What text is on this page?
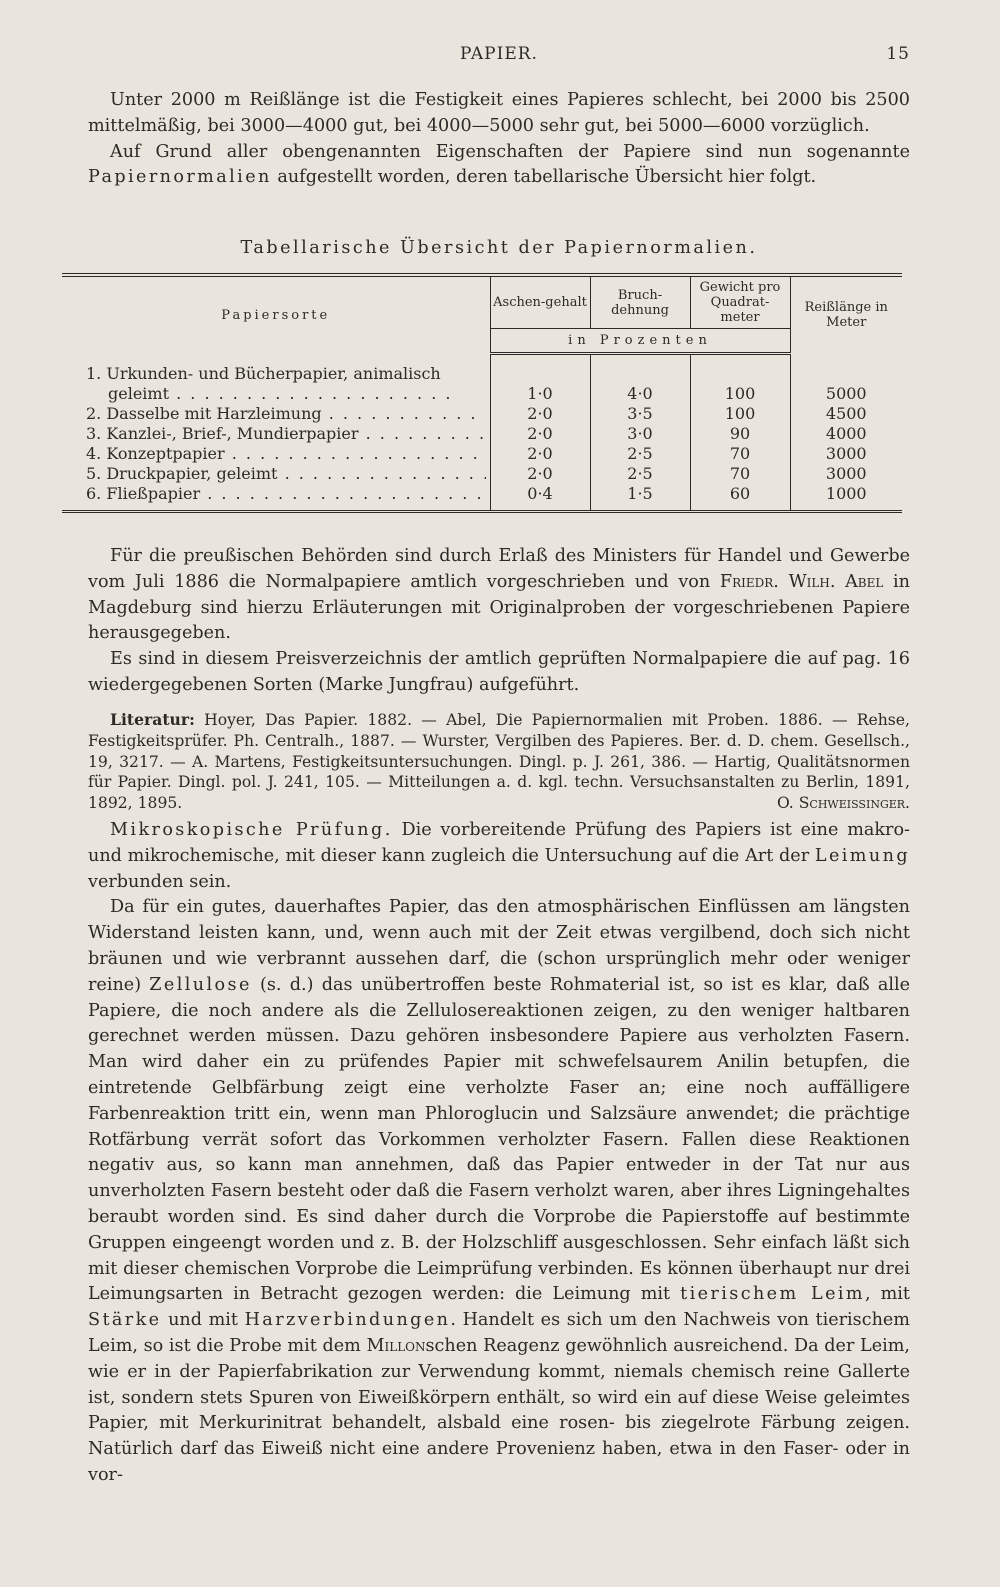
PAPIER.	15

Unter 2000 m Reißlänge ist die Festigkeit eines Papieres schlecht, bei 2000 bis 2500 mittelmäßig, bei 3000—4000 gut, bei 4000—5000 sehr gut, bei 5000—6000 vorzüglich.

Auf Grund aller obengenannten Eigenschaften der Papiere sind nun sogenannte Papiernormalien aufgestellt worden, deren tabellarische Übersicht hier folgt.

Tabellarische Übersicht der Papiernormalien.
Papiersorte	Aschen-gehalt	Bruch-dehnung	Gewicht pro Quadrat-meter	Reißlänge in Meter
	in Prozenten			
1. Urkunden- und Bücherpapier, animalisch				

geleimt . . .	1·0	4·0	100	5000

2. Dasselbe mit Harzleimung . . .	2·0	3·5	100	4500

3. Kanzlei-, Brief-, Mundierpapier . . .	2·0	3·0	90	4000

4. Konzeptpapier . . .	2·0	2·5	70	3000

5. Druckpapier, geleimt . . .	2·0	2·5	70	3000

6. Fließpapier . . .	0·4	1·5	60	1000

Für die preußischen Behörden sind durch Erlaß des Ministers für Handel und Gewerbe vom Juli 1886 die Normalpapiere amtlich vorgeschrieben und von Friedr. Wilh. Abel in Magdeburg sind hierzu Erläuterungen mit Originalproben der vorgeschriebenen Papiere herausgegeben.

Es sind in diesem Preisverzeichnis der amtlich geprüften Normalpapiere die auf pag. 16 wiedergegebenen Sorten (Marke Jungfrau) aufgeführt.

Literatur: Hoyer, Das Papier. 1882. — Abel, Die Papiernormalien mit Proben. 1886. — Rehse, Festigkeitsprüfer. Ph. Centralh., 1887. — Wurster, Vergilben des Papieres. Ber. d. D. chem. Gesellsch., 19, 3217. — A. Martens, Festigkeitsuntersuchungen. Dingl. p. J. 261, 386. — Hartig, Qualitätsnormen für Papier. Dingl. pol. J. 241, 105. — Mitteilungen a. d. kgl. techn. Versuchsanstalten zu Berlin, 1891, 1892, 1895.	O. Schweissinger.

Mikroskopische Prüfung. Die vorbereitende Prüfung des Papiers ist eine makro- und mikrochemische, mit dieser kann zugleich die Untersuchung auf die Art der Leimung verbunden sein.

Da für ein gutes, dauerhaftes Papier, das den atmosphärischen Einflüssen am längsten Widerstand leisten kann, und, wenn auch mit der Zeit etwas vergilbend, doch sich nicht bräunen und wie verbrannt aussehen darf, die (schon ursprünglich mehr oder weniger reine) Zellulose (s. d.) das unübertroffen beste Rohmaterial ist, so ist es klar, daß alle Papiere, die noch andere als die Zellulosereaktionen zeigen, zu den weniger haltbaren gerechnet werden müssen. Dazu gehören insbesondere Papiere aus verholzten Fasern. Man wird daher ein zu prüfendes Papier mit schwefelsaurem Anilin betupfen, die eintretende Gelbfärbung zeigt eine verholzte Faser an; eine noch auffälligere Farbenreaktion tritt ein, wenn man Phloroglucin und Salzsäure anwendet; die prächtige Rotfärbung verrät sofort das Vorkommen verholzter Fasern. Fallen diese Reaktionen negativ aus, so kann man annehmen, daß das Papier entweder in der Tat nur aus unverholzten Fasern besteht oder daß die Fasern verholzt waren, aber ihres Ligningehaltes beraubt worden sind. Es sind daher durch die Vorprobe die Papierstoffe auf bestimmte Gruppen eingeengt worden und z. B. der Holzschliff ausgeschlossen. Sehr einfach läßt sich mit dieser chemischen Vorprobe die Leimprüfung verbinden. Es können überhaupt nur drei Leimungsarten in Betracht gezogen werden: die Leimung mit tierischem Leim, mit Stärke und mit Harzverbindungen. Handelt es sich um den Nachweis von tierischem Leim, so ist die Probe mit dem Millonschen Reagenz gewöhnlich ausreichend. Da der Leim, wie er in der Papierfabrikation zur Verwendung kommt, niemals chemisch reine Gallerte ist, sondern stets Spuren von Eiweißkörpern enthält, so wird ein auf diese Weise geleimtes Papier, mit Merkurinitrat behandelt, alsbald eine rosen- bis ziegelrote Färbung zeigen. Natürlich darf das Eiweiß nicht eine andere Provenienz haben, etwa in den Faser- oder in vor-
